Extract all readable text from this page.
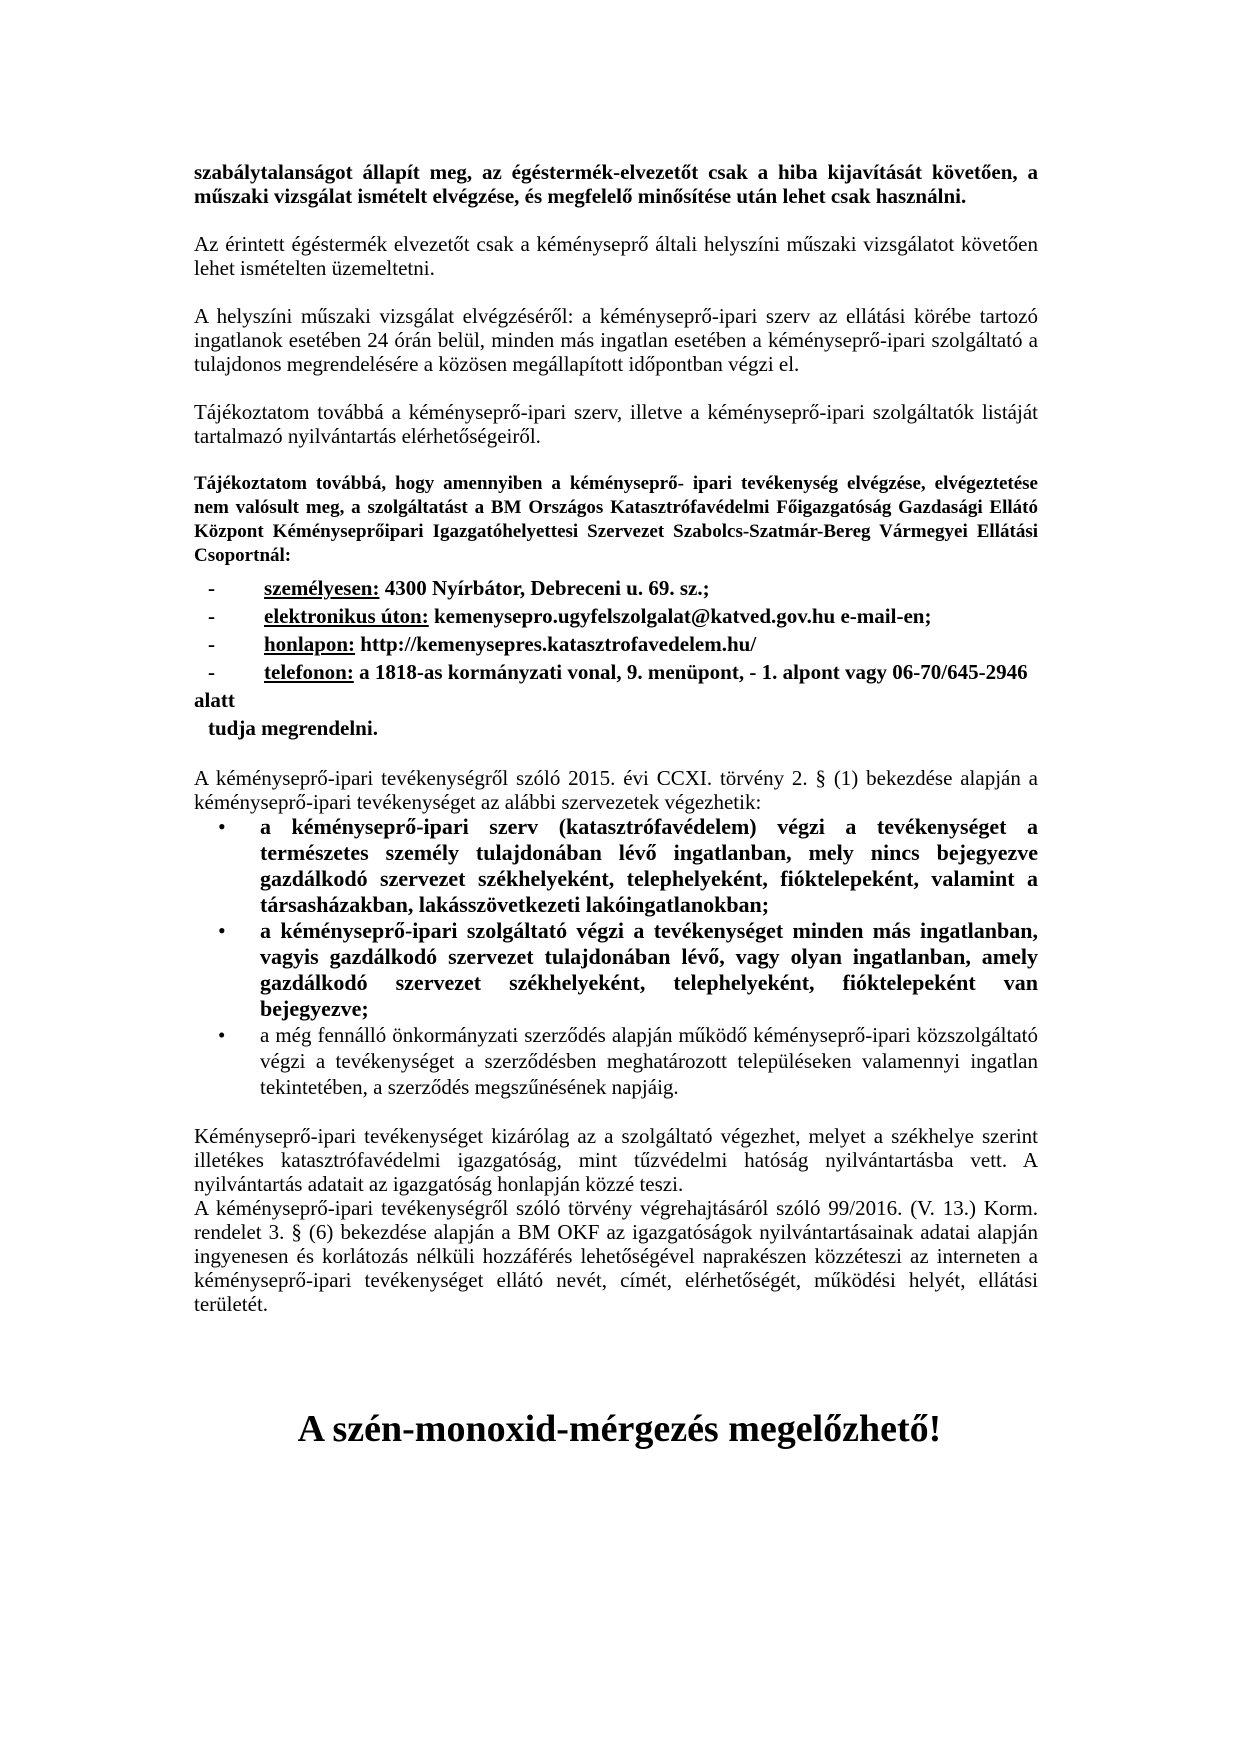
szabálytalanságot állapít meg, az égéstermék-elvezetőt csak a hiba kijavítását követően, a műszaki vizsgálat ismételt elvégzése, és megfelelő minősítése után lehet csak használni.

Az érintett égéstermék elvezetőt csak a kéményseprő általi helyszíni műszaki vizsgálatot követően lehet ismételten üzemeltetni.

A helyszíni műszaki vizsgálat elvégzéséről: a kéményseprő-ipari szerv az ellátási körébe tartozó ingatlanok esetében 24 órán belül, minden más ingatlan esetében a kéményseprő-ipari szolgáltató a tulajdonos megrendelésére a közösen megállapított időpontban végzi el.

Tájékoztatom továbbá a kéményseprő-ipari szerv, illetve a kéményseprő-ipari szolgáltatók listáját tartalmazó nyilvántartás elérhetőségeiről.

Tájékoztatom továbbá, hogy amennyiben a kéményseprő- ipari tevékenység elvégzése, elvégeztetése nem valósult meg, a szolgáltatást a BM Országos Katasztrófavédelmi Főigazgatóság Gazdasági Ellátó Központ Kéményseprőipari Igazgatóhelyettesi Szervezet Szabolcs-Szatmár-Bereg Vármegyei Ellátási Csoportnál:

- személyesen: 4300 Nyírbátor, Debreceni u. 69. sz.;
- elektronikus úton: kemenysepro.ugyfelszolgalat@katved.gov.hu e-mail-en;
- honlapon: http://kemenysepres.katasztrofavedelem.hu/
- telefonon: a 1818-as kormányzati vonal, 9. menüpont, - 1. alpont vagy 06-70/645-2946 alatt
tudja megrendelni.

A kéményseprő-ipari tevékenységről szóló 2015. évi CCXI. törvény 2. § (1) bekezdése alapján a kéményseprő-ipari tevékenységet az alábbi szervezetek végezhetik:

• a kéményseprő-ipari szerv (katasztrófavédelem) végzi a tevékenységet a természetes személy tulajdonában lévő ingatlanban, mely nincs bejegyezve gazdálkodó szervezet székhelyeként, telephelyeként, fióktelepeként, valamint a társasházakban, lakásszövetkezeti lakóingatlanokban;
• a kéményseprő-ipari szolgáltató végzi a tevékenységet minden más ingatlanban, vagyis gazdálkodó szervezet tulajdonában lévő, vagy olyan ingatlanban, amely gazdálkodó szervezet székhelyeként, telephelyeként, fióktelepeként van bejegyezve;
• a még fennálló önkormányzati szerződés alapján működő kéményseprő-ipari közszolgáltató végzi a tevékenységet a szerződésben meghatározott településeken valamennyi ingatlan tekintetében, a szerződés megszűnésének napjáig.

Kéményseprő-ipari tevékenységet kizárólag az a szolgáltató végezhet, melyet a székhelye szerint illetékes katasztrófavédelmi igazgatóság, mint tűzvédelmi hatóság nyilvántartásba vett. A nyilvántartás adatait az igazgatóság honlapján közzé teszi.

A kéményseprő-ipari tevékenységről szóló törvény végrehajtásáról szóló 99/2016. (V. 13.) Korm. rendelet 3. § (6) bekezdése alapján a BM OKF az igazgatóságok nyilvántartásainak adatai alapján ingyenesen és korlátozás nélküli hozzáférés lehetőségével naprakészen közzéteszi az interneten a kéményseprő-ipari tevékenységet ellátó nevét, címét, elérhetőségét, működési helyét, ellátási területét.

A szén-monoxid-mérgezés megelőzhető!
